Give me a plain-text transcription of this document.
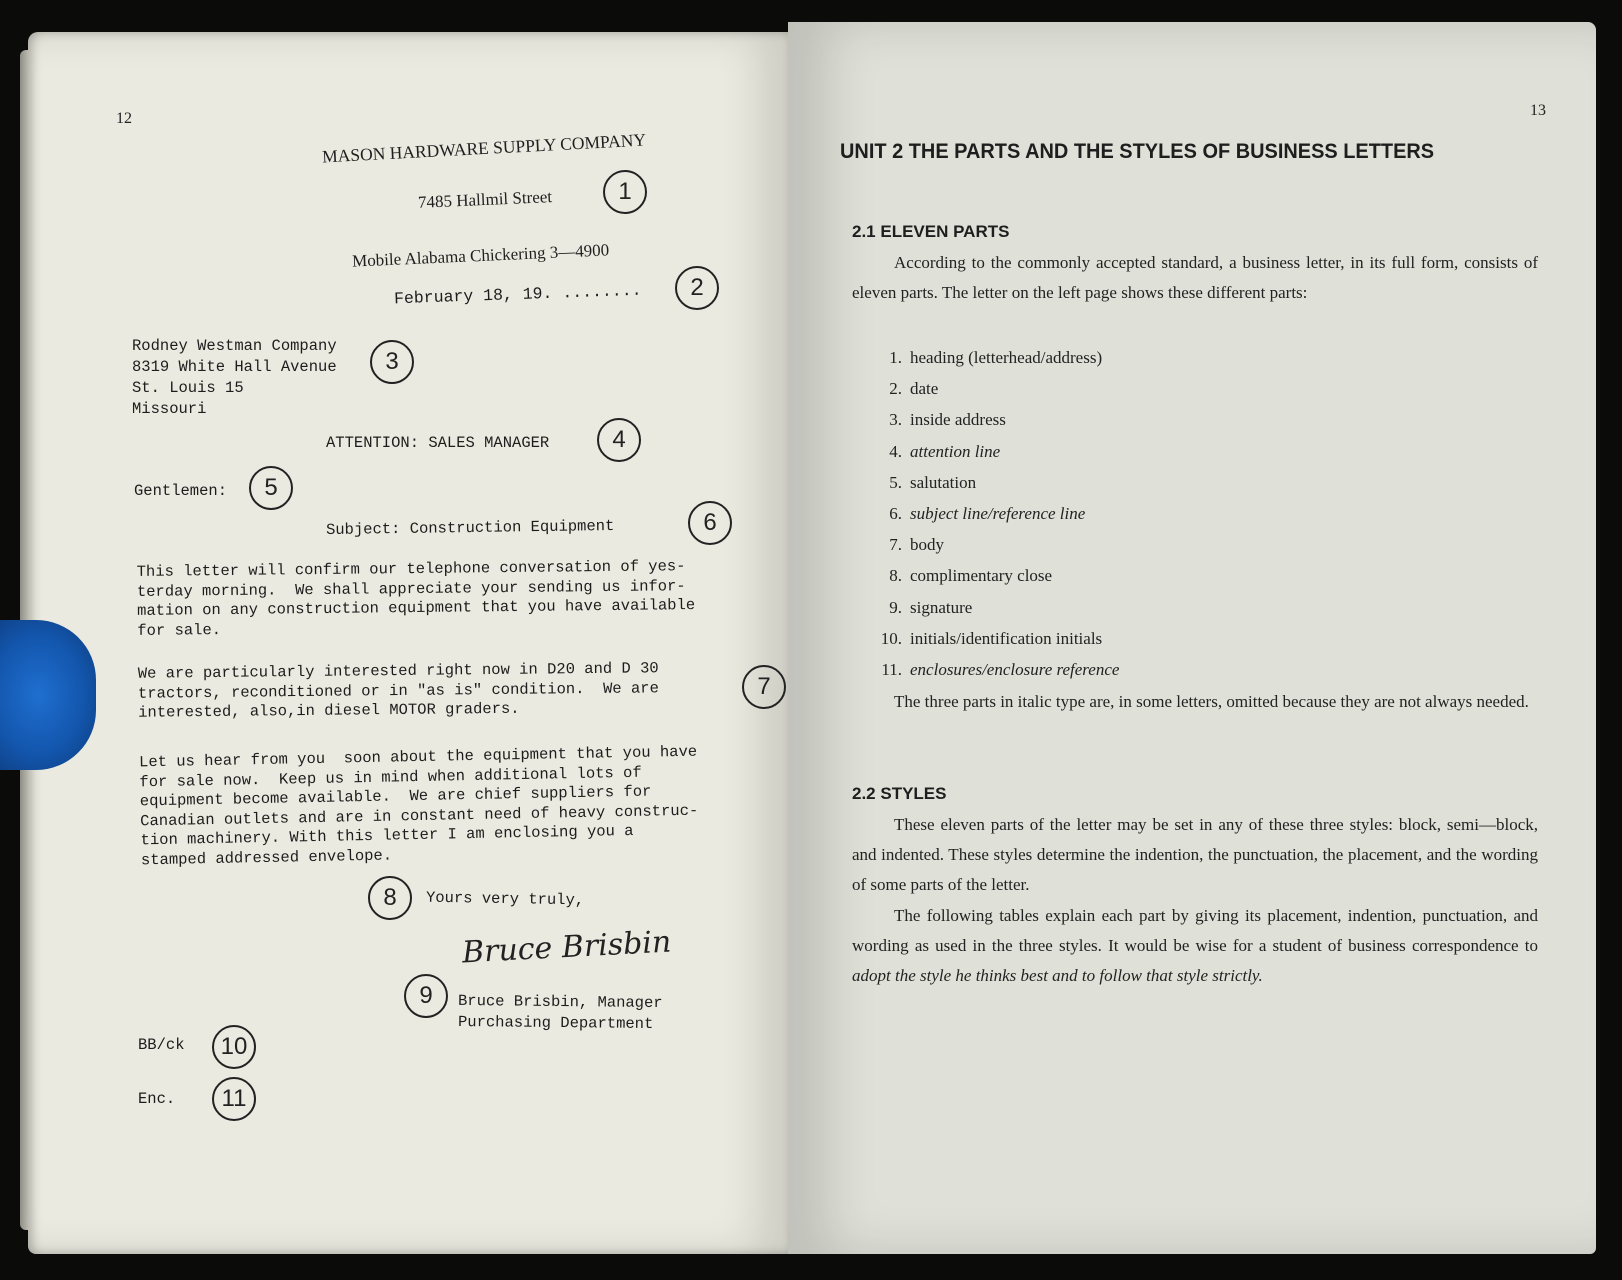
12
MASON HARDWARE SUPPLY COMPANY
7485 Hallmil Street	1
Mobile Alabama Chickering 3—4900
February 18, 19. ........	2
Rodney Westman Company
8319 White Hall Avenue
St. Louis 15
Missouri
3
ATTENTION: SALES MANAGER	4
Gentlemen:	5
Subject: Construction Equipment	6
This letter will confirm our telephone conversation of yes-
terday morning.  We shall appreciate your sending us infor-
mation on any construction equipment that you have available
for sale.
We are particularly interested right now in D20 and D 30
tractors, reconditioned or in "as is" condition.  We are
interested, also,in diesel MOTOR graders.
7
Let us hear from you  soon about the equipment that you have
for sale now.  Keep us in mind when additional lots of
equipment become available.  We are chief suppliers for
Canadian outlets and are in constant need of heavy construc-
tion machinery. With this letter I am enclosing you a
stamped addressed envelope.
8	Yours very truly,
Bruce Brisbin
9	Bruce Brisbin, Manager
Purchasing Department
BB/ck	10
Enc.	11
13
UNIT 2 THE PARTS AND THE STYLES OF BUSINESS LETTERS
2.1 ELEVEN PARTS
According to the commonly accepted standard, a business letter, in its full form, consists of eleven parts. The letter on the left page shows these different parts:
1. heading (letterhead/address)
2. date
3. inside address
4. attention line
5. salutation
6. subject line/reference line
7. body
8. complimentary close
9. signature
10. initials/identification initials
11. enclosures/enclosure reference
The three parts in italic type are, in some letters, omitted because they are not always needed.
2.2 STYLES
These eleven parts of the letter may be set in any of these three styles: block, semi—block, and indented. These styles determine the indention, the punctuation, the placement, and the wording of some parts of the letter.
The following tables explain each part by giving its placement, indention, punctuation, and wording as used in the three styles. It would be wise for a student of business correspondence to adopt the style he thinks best and to follow that style strictly.
